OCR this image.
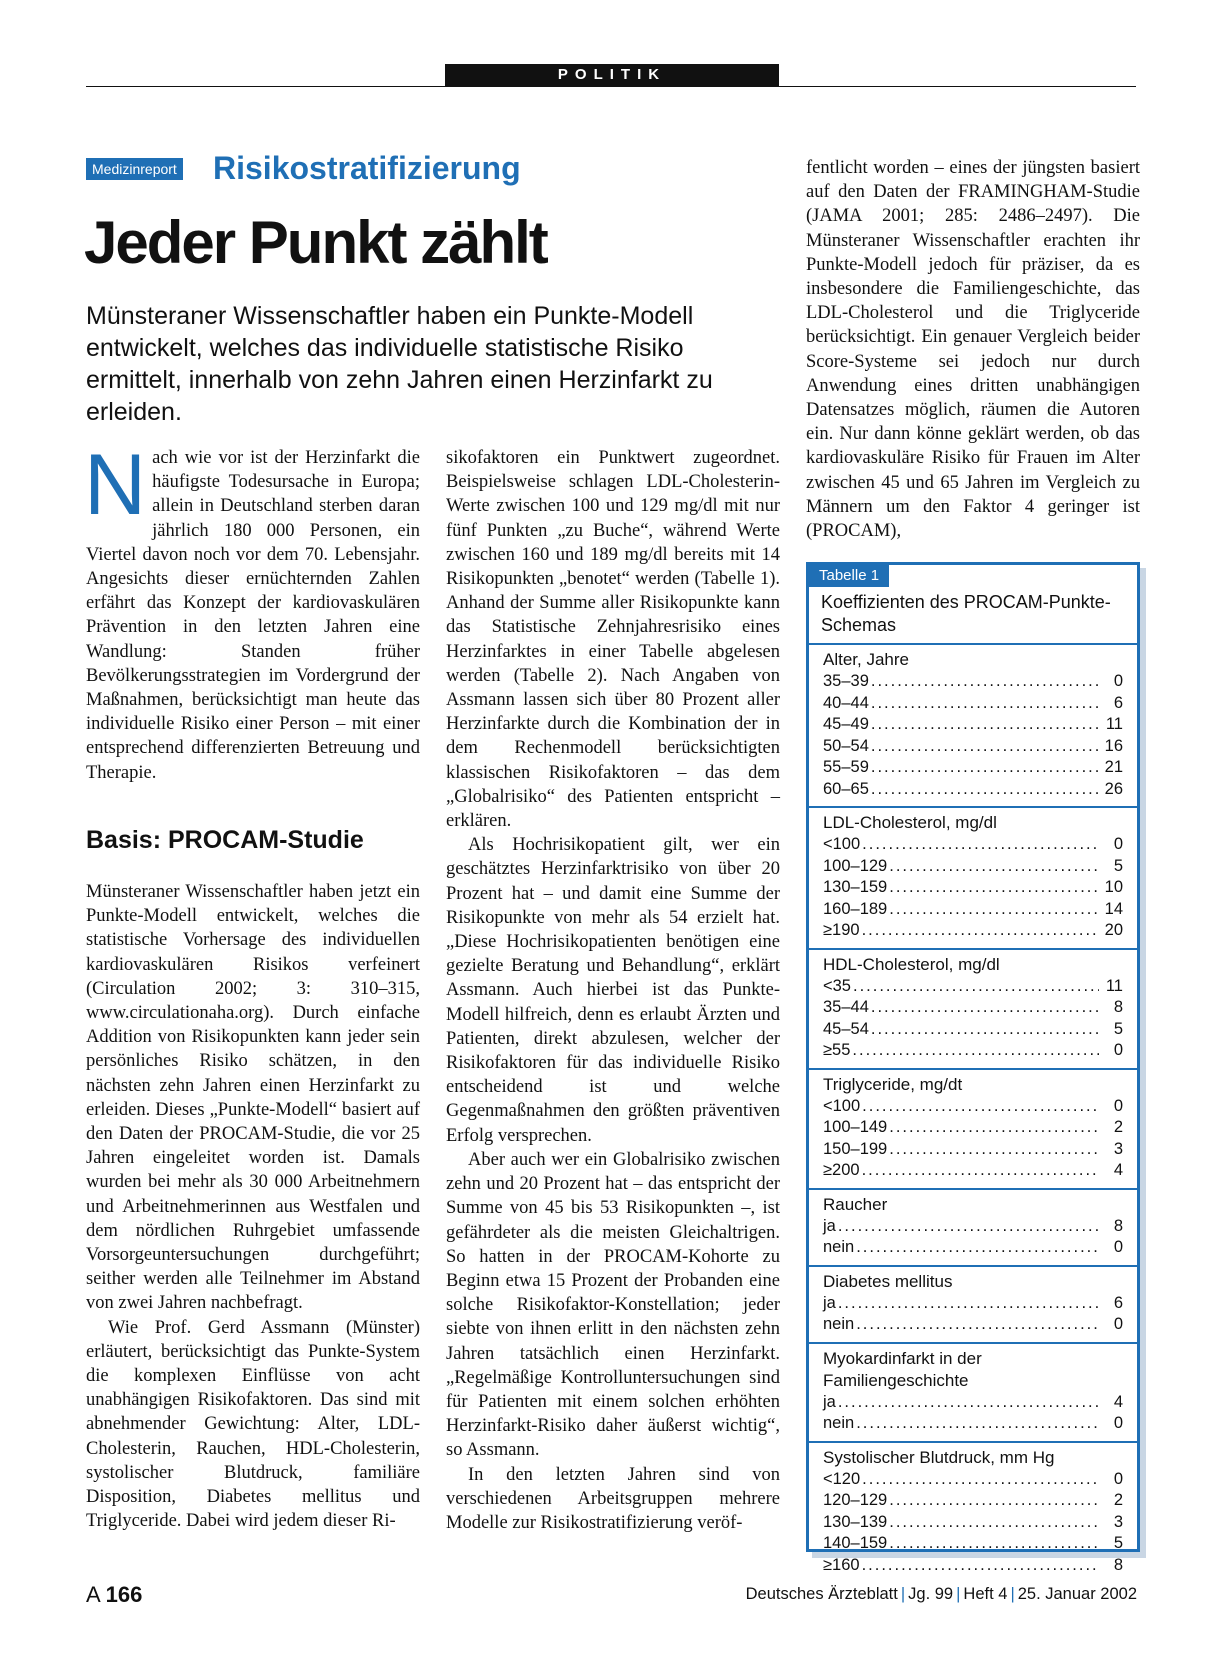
POLITIK
Medizinreport Risikostratifizierung
Jeder Punkt zählt

Münsteraner Wissenschaftler haben ein Punkte-Modell entwickelt, welches das individuelle statistische Risiko ermittelt, innerhalb von zehn Jahren einen Herzinfarkt zu erleiden.

Nach wie vor ist der Herzinfarkt die häufigste Todesursache in Europa; allein in Deutschland sterben daran jährlich 180 000 Personen, ein Viertel davon noch vor dem 70. Lebensjahr. Angesichts dieser ernüchternden Zahlen erfährt das Konzept der kardiovaskulären Prävention in den letzten Jahren eine Wandlung: Standen früher Bevölkerungsstrategien im Vordergrund der Maßnahmen, berücksichtigt man heute das individuelle Risiko einer Person – mit einer entsprechend differenzierten Betreuung und Therapie.

Basis: PROCAM-Studie

Münsteraner Wissenschaftler haben jetzt ein Punkte-Modell entwickelt, welches die statistische Vorhersage des individuellen kardiovaskulären Risikos verfeinert (Circulation 2002; 3: 310–315, www.circulationaha.org). Durch einfache Addition von Risikopunkten kann jeder sein persönliches Risiko schätzen, in den nächsten zehn Jahren einen Herzinfarkt zu erleiden. Dieses „Punkte-Modell“ basiert auf den Daten der PROCAM-Studie, die vor 25 Jahren eingeleitet worden ist. Damals wurden bei mehr als 30 000 Arbeitnehmern und Arbeitnehmerinnen aus Westfalen und dem nördlichen Ruhrgebiet umfassende Vorsorgeuntersuchungen durchgeführt; seither werden alle Teilnehmer im Abstand von zwei Jahren nachbefragt.

Wie Prof. Gerd Assmann (Münster) erläutert, berücksichtigt das Punkte-System die komplexen Einflüsse von acht unabhängigen Risikofaktoren. Das sind mit abnehmender Gewichtung: Alter, LDL-Cholesterin, Rauchen, HDL-Cholesterin, systolischer Blutdruck, familiäre Disposition, Diabetes mellitus und Triglyceride. Dabei wird jedem dieser Ri-

sikofaktoren ein Punktwert zugeordnet. Beispielsweise schlagen LDL-Cholesterin-Werte zwischen 100 und 129 mg/dl mit nur fünf Punkten „zu Buche“, während Werte zwischen 160 und 189 mg/dl bereits mit 14 Risikopunkten „benotet“ werden (Tabelle 1). Anhand der Summe aller Risikopunkte kann das Statistische Zehnjahresrisiko eines Herzinfarktes in einer Tabelle abgelesen werden (Tabelle 2). Nach Angaben von Assmann lassen sich über 80 Prozent aller Herzinfarkte durch die Kombination der in dem Rechenmodell berücksichtigten klassischen Risikofaktoren – das dem „Globalrisiko“ des Patienten entspricht – erklären.

Als Hochrisikopatient gilt, wer ein geschätztes Herzinfarktrisiko von über 20 Prozent hat – und damit eine Summe der Risikopunkte von mehr als 54 erzielt hat. „Diese Hochrisikopatienten benötigen eine gezielte Beratung und Behandlung“, erklärt Assmann. Auch hierbei ist das Punkte-Modell hilfreich, denn es erlaubt Ärzten und Patienten, direkt abzulesen, welcher der Risikofaktoren für das individuelle Risiko entscheidend ist und welche Gegenmaßnahmen den größten präventiven Erfolg versprechen.

Aber auch wer ein Globalrisiko zwischen zehn und 20 Prozent hat – das entspricht der Summe von 45 bis 53 Risikopunkten –, ist gefährdeter als die meisten Gleichaltrigen. So hatten in der PROCAM-Kohorte zu Beginn etwa 15 Prozent der Probanden eine solche Risikofaktor-Konstellation; jeder siebte von ihnen erlitt in den nächsten zehn Jahren tatsächlich einen Herzinfarkt. „Regelmäßige Kontrolluntersuchungen sind für Patienten mit einem solchen erhöhten Herzinfarkt-Risiko daher äußerst wichtig“, so Assmann.

In den letzten Jahren sind von verschiedenen Arbeitsgruppen mehrere Modelle zur Risikostratifizierung veröf-

fentlicht worden – eines der jüngsten basiert auf den Daten der FRAMINGHAM-Studie (JAMA 2001; 285: 2486–2497). Die Münsteraner Wissenschaftler erachten ihr Punkte-Modell jedoch für präziser, da es insbesondere die Familiengeschichte, das LDL-Cholesterol und die Triglyceride berücksichtigt. Ein genauer Vergleich beider Score-Systeme sei jedoch nur durch Anwendung eines dritten unabhängigen Datensatzes möglich, räumen die Autoren ein. Nur dann könne geklärt werden, ob das kardiovaskuläre Risiko für Frauen im Alter zwischen 45 und 65 Jahren im Vergleich zu Männern um den Faktor 4 geringer ist (PROCAM),

Tabelle 1
Koeffizienten des PROCAM-Punkte-Schemas
Alter, Jahre
35–39 .....	0
40–44 .....	6
45–49 .....	11
50–54 .....	16
55–59 .....	21
60–65 .....	26
LDL-Cholesterol, mg/dl
<100 .....	0
100–129 .....	5
130–159 .....	10
160–189 .....	14
≥190 .....	20
HDL-Cholesterol, mg/dl
<35 .....	11
35–44 .....	8
45–54 .....	5
≥55 .....	0
Triglyceride, mg/dt
<100 .....	0
100–149 .....	2
150–199 .....	3
≥200 .....	4
Raucher
ja .....	8
nein .....	0
Diabetes mellitus
ja .....	6
nein .....	0
Myokardinfarkt in der Familiengeschichte
ja .....	4
nein .....	0
Systolischer Blutdruck, mm Hg
<120 .....	0
120–129 .....	2
130–139 .....	3
140–159 .....	5
≥160 .....	8
A 166	Deutsches Ärzteblatt | Jg. 99 | Heft 4 | 25. Januar 2002
